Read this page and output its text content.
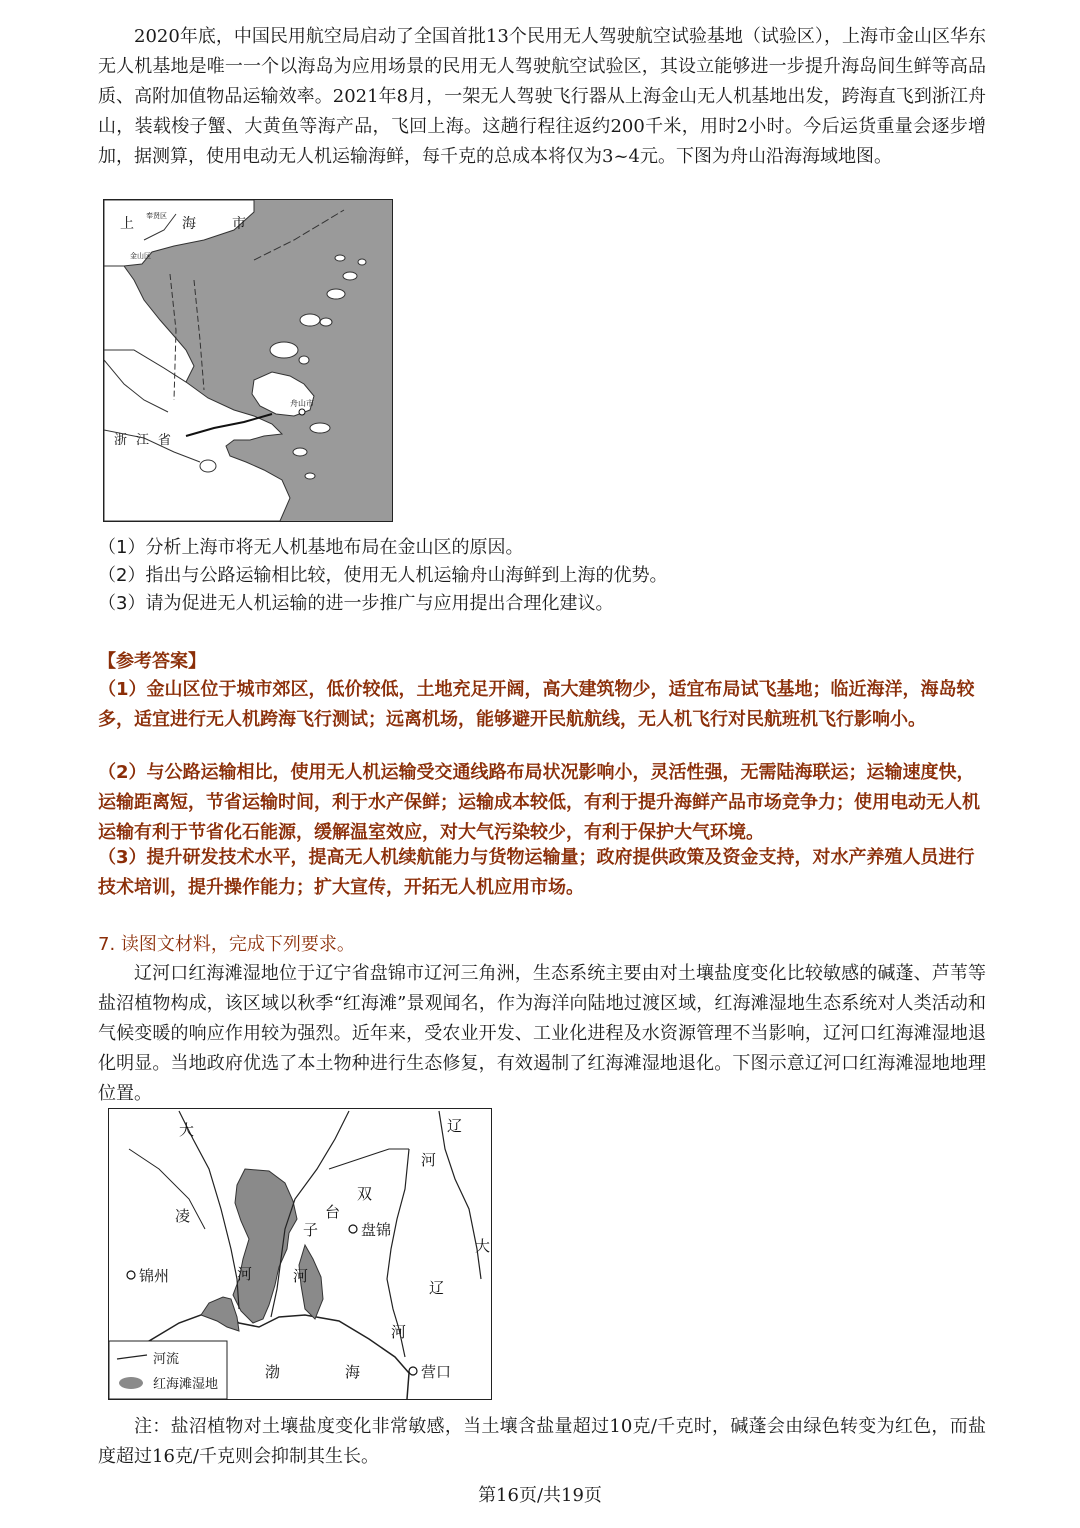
2020年底，中国民用航空局启动了全国首批13个民用无人驾驶航空试验基地（试验区），上海市金山区华东无人机基地是唯一一个以海岛为应用场景的民用无人驾驶航空试验区，其设立能够进一步提升海岛间生鲜等高品质、高附加值物品运输效率。2021年8月，一架无人驾驶飞行器从上海金山无人机基地出发，跨海直飞到浙江舟山，装载梭子蟹、大黄鱼等海产品，飞回上海。这趟行程往返约200千米，用时2小时。今后运货重量会逐步增加，据测算，使用电动无人机运输海鲜，每千克的总成本将仅为3~4元。下图为舟山沿海海域地图。

上	海	市
奉贤区
金山区
舟山市
浙 江 省

（1）分析上海市将无人机基地布局在金山区的原因。

（2）指出与公路运输相比较，使用无人机运输舟山海鲜到上海的优势。

（3）请为促进无人机运输的进一步推广与应用提出合理化建议。

【参考答案】

（1）金山区位于城市郊区，低价较低，土地充足开阔，高大建筑物少，适宜布局试飞基地；临近海洋，海岛较多，适宜进行无人机跨海飞行测试；远离机场，能够避开民航航线，无人机飞行对民航班机飞行影响小。

（2）与公路运输相比，使用无人机运输受交通线路布局状况影响小，灵活性强，无需陆海联运；运输速度快，运输距离短，节省运输时间，利于水产保鲜；运输成本较低，有利于提升海鲜产品市场竞争力；使用电动无人机运输有利于节省化石能源，缓解温室效应，对大气污染较少，有利于保护大气环境。

（3）提升研发技术水平，提高无人机续航能力与货物运输量；政府提供政策及资金支持，对水产养殖人员进行技术培训，提升操作能力；扩大宣传，开拓无人机应用市场。

7. 读图文材料，完成下列要求。

辽河口红海滩湿地位于辽宁省盘锦市辽河三角洲，生态系统主要由对土壤盐度变化比较敏感的碱蓬、芦苇等盐沼植物构成，该区域以秋季“红海滩”景观闻名，作为海洋向陆地过渡区域，红海滩湿地生态系统对人类活动和气候变暖的响应作用较为强烈。近年来，受农业开发、工业化进程及水资源管理不当影响，辽河口红海滩湿地退化明显。当地政府优选了本土物种进行生态修复，有效遏制了红海滩湿地退化。下图示意辽河口红海滩湿地地理位置。

河流
红海滩湿地
大
凌
河
辽
河
双
台
子
河
盘锦
锦州
大
辽
河
渤	海	营口

注：盐沼植物对土壤盐度变化非常敏感，当土壤含盐量超过10克/千克时，碱蓬会由绿色转变为红色，而盐度超过16克/千克则会抑制其生长。

第16页/共19页
